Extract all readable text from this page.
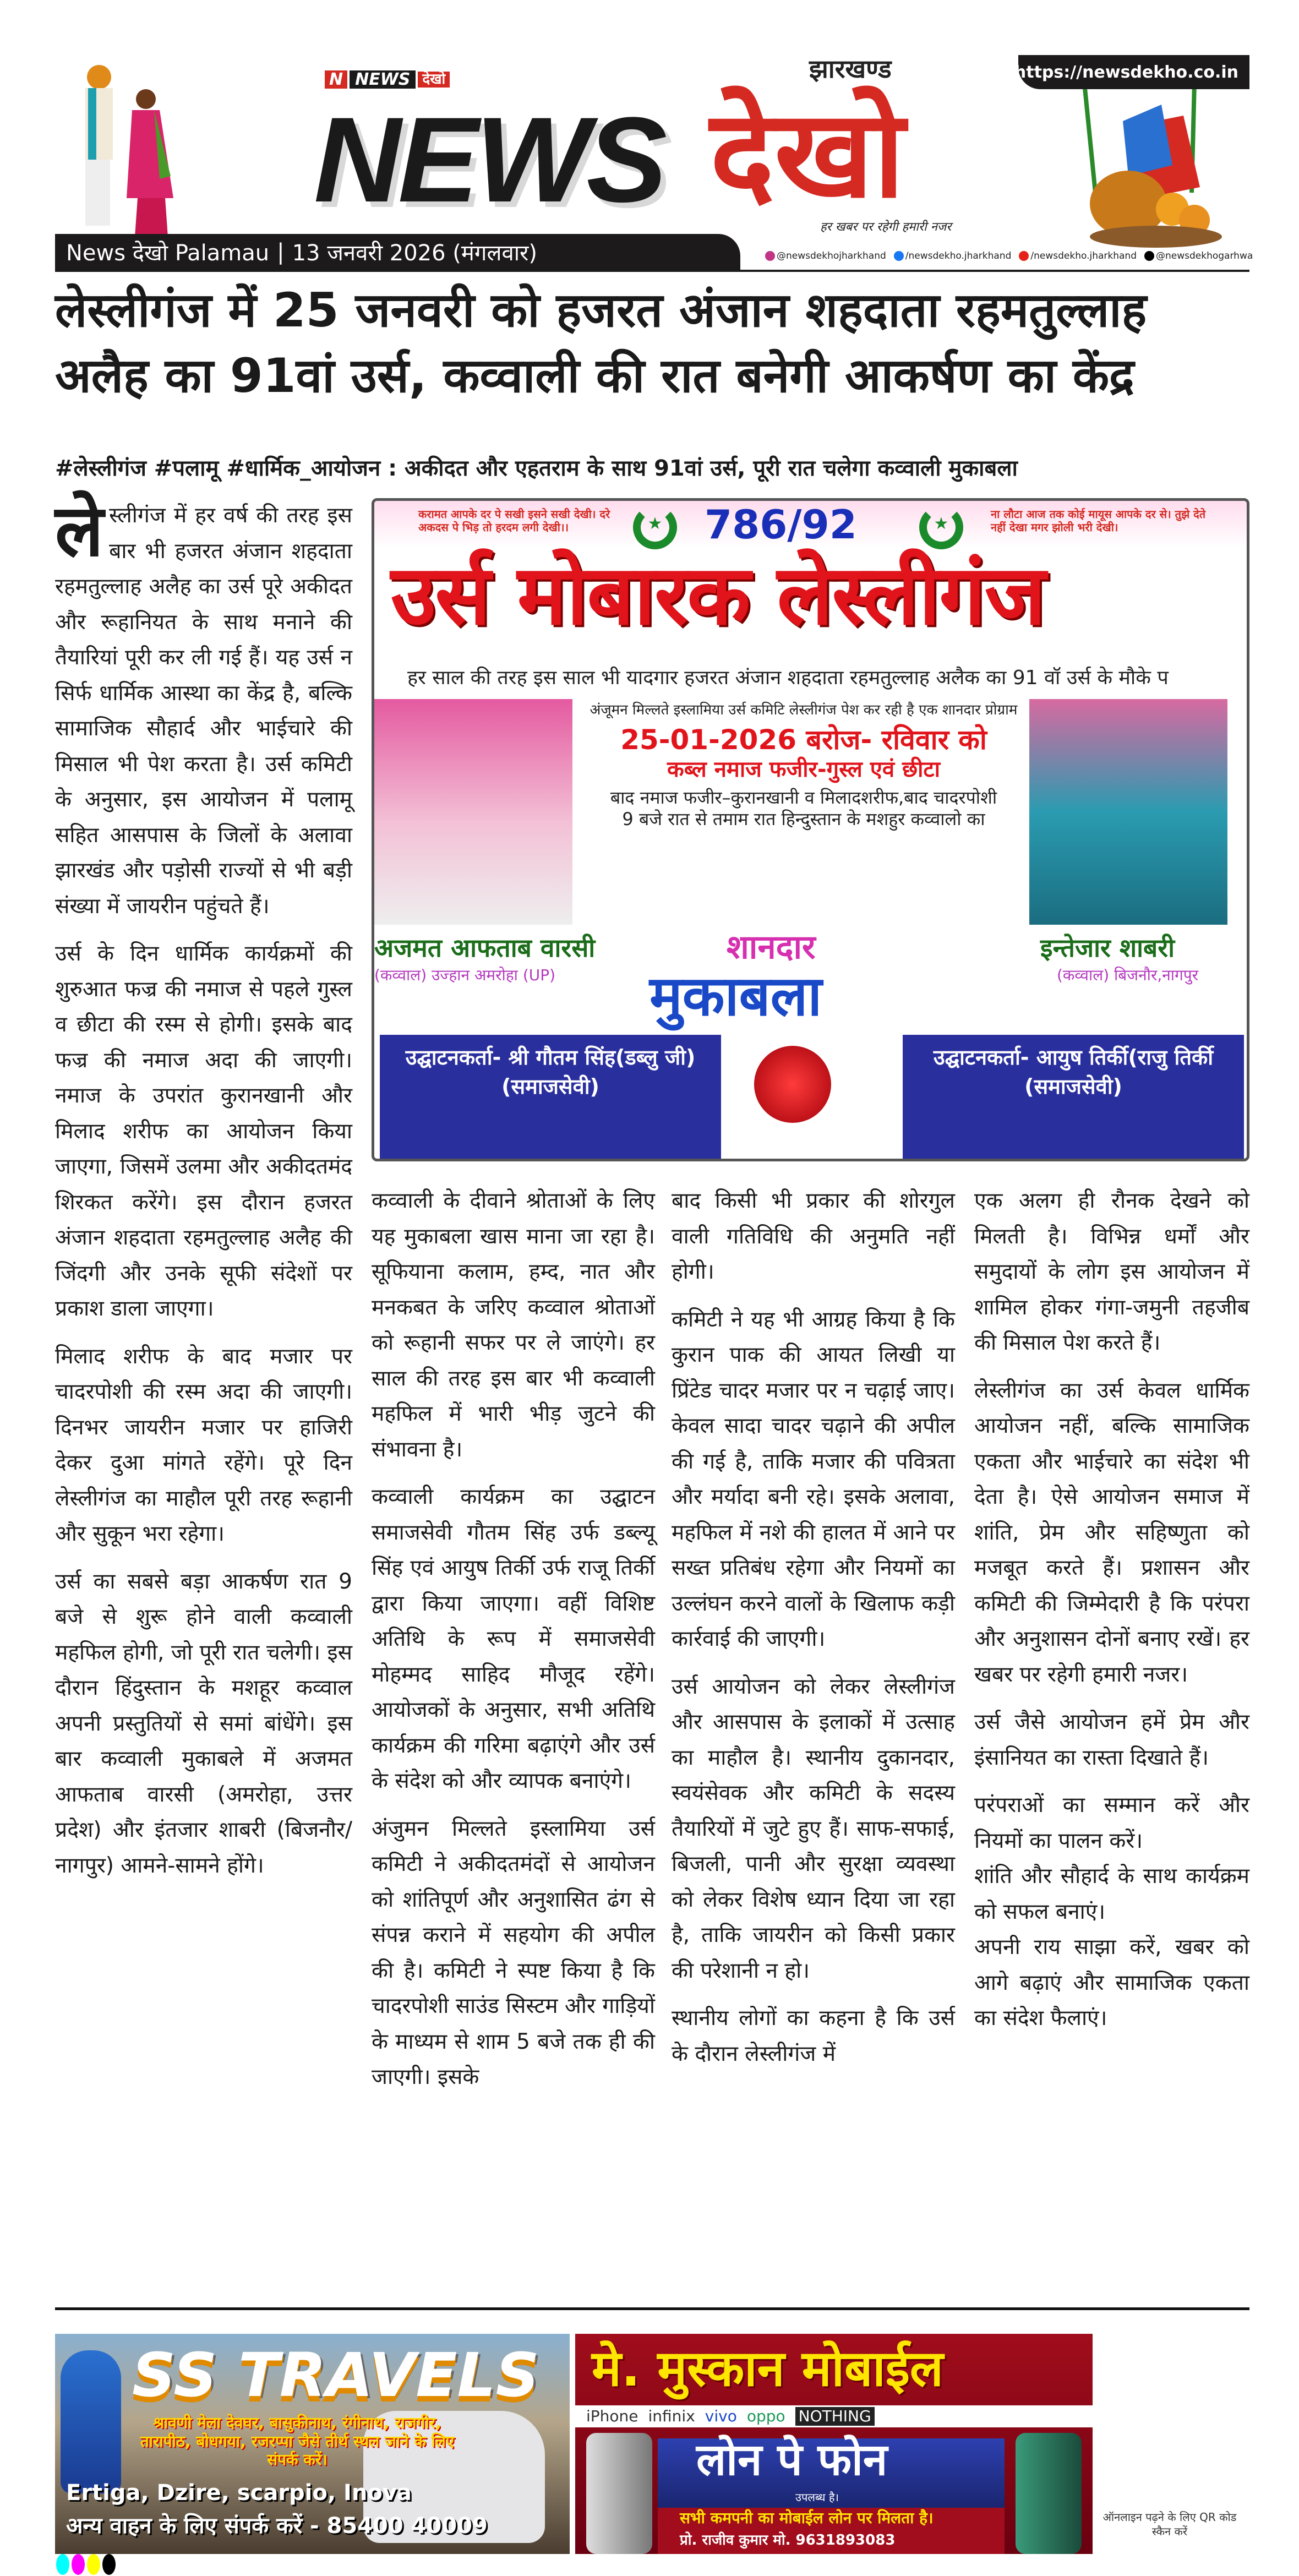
https://newsdekho.co.in
N NEWS देखो
NEWS देखो
झारखण्ड
हर खबर पर रहेगी हमारी नजर
News देखो Palamau | 13 जनवरी 2026 (मंगलवार)	@newsdekhojharkhand	/newsdekho.jharkhand	/newsdekho.jharkhand	@newsdekhogarhwa
लेस्लीगंज में 25 जनवरी को हजरत अंजान शहदाता रहमतुल्लाह अलैह का 91वां उर्स, कव्वाली की रात बनेगी आकर्षण का केंद्र
#लेस्लीगंज #पलामू #धार्मिक_आयोजन : अकीदत और एहतराम के साथ 91वां उर्स, पूरी रात चलेगा कव्वाली मुकाबला

लेस्लीगंज में हर वर्ष की तरह इस बार भी हजरत अंजान शहदाता रहमतुल्लाह अलैह का उर्स पूरे अकीदत और रूहानियत के साथ मनाने की तैयारियां पूरी कर ली गई हैं। यह उर्स न सिर्फ धार्मिक आस्था का केंद्र है, बल्कि सामाजिक सौहार्द और भाईचारे की मिसाल भी पेश करता है। उर्स कमिटी के अनुसार, इस आयोजन में पलामू सहित आसपास के जिलों के अलावा झारखंड और पड़ोसी राज्यों से भी बड़ी संख्या में जायरीन पहुंचते हैं।

उर्स के दिन धार्मिक कार्यक्रमों की शुरुआत फज्र की नमाज से पहले गुस्ल व छीटा की रस्म से होगी। इसके बाद फज्र की नमाज अदा की जाएगी। नमाज के उपरांत कुरानखानी और मिलाद शरीफ का आयोजन किया जाएगा, जिसमें उलमा और अकीदतमंद शिरकत करेंगे। इस दौरान हजरत अंजान शहदाता रहमतुल्लाह अलैह की जिंदगी और उनके सूफी संदेशों पर प्रकाश डाला जाएगा।

मिलाद शरीफ के बाद मजार पर चादरपोशी की रस्म अदा की जाएगी। दिनभर जायरीन मजार पर हाजिरी देकर दुआ मांगते रहेंगे। पूरे दिन लेस्लीगंज का माहौल पूरी तरह रूहानी और सुकून भरा रहेगा।

उर्स का सबसे बड़ा आकर्षण रात 9 बजे से शुरू होने वाली कव्वाली महफिल होगी, जो पूरी रात चलेगी। इस दौरान हिंदुस्तान के मशहूर कव्वाल अपनी प्रस्तुतियों से समां बांधेंगे। इस बार कव्वाली मुकाबले में अजमत आफताब वारसी (अमरोहा, उत्तर प्रदेश) और इंतजार शाबरी (बिजनौर/नागपुर) आमने-सामने होंगे।

करामत आपके दर पे सखी इसने सखी देखी। दरे अकदस पे भिड़ तो हरदम लगी देखी।।	★	786/92	★	ना लौटा आज तक कोई मायूस आपके दर से। तुझे देते नहीं देखा मगर झोली भरी देखी।
उर्स मोबारक लेस्लीगंज
हर साल की तरह इस साल भी यादगार हजरत अंजान शहदाता रहमतुल्लाह अलैक का 91 वॉ उर्स के मौके प
अंजूमन मिल्लते इस्लामिया उर्स कमिटि लेस्लीगंज पेश कर रही है एक शानदार प्रोग्राम
25-01-2026 बरोज- रविवार को
कब्ल नमाज फजीर-गुस्ल एवं छीटा
बाद नमाज फजीर–कुरानखानी व मिलादशरीफ,बाद चादरपोशी
9 बजे रात से तमाम रात हिन्दुस्तान के मशहुर कव्वालो का
शानदार
मुकाबला
अजमत आफताब वारसी
(कव्वाल) उज्हान अमरोहा (UP)
इन्तेजार शाबरी
(कव्वाल) बिजनौर,नागपुर
उद्घाटनकर्ता- श्री गौतम सिंह(डब्लु जी)
(समाजसेवी)
उद्घाटनकर्ता- आयुष तिर्की(राजु तिर्की
(समाजसेवी)

कव्वाली के दीवाने श्रोताओं के लिए यह मुकाबला खास माना जा रहा है। सूफियाना कलाम, हम्द, नात और मनकबत के जरिए कव्वाल श्रोताओं को रूहानी सफर पर ले जाएंगे। हर साल की तरह इस बार भी कव्वाली महफिल में भारी भीड़ जुटने की संभावना है।

कव्वाली कार्यक्रम का उद्घाटन समाजसेवी गौतम सिंह उर्फ डब्ल्यू सिंह एवं आयुष तिर्की उर्फ राजू तिर्की द्वारा किया जाएगा। वहीं विशिष्ट अतिथि के रूप में समाजसेवी मोहम्मद साहिद मौजूद रहेंगे। आयोजकों के अनुसार, सभी अतिथि कार्यक्रम की गरिमा बढ़ाएंगे और उर्स के संदेश को और व्यापक बनाएंगे।

अंजुमन मिल्लते इस्लामिया उर्स कमिटी ने अकीदतमंदों से आयोजन को शांतिपूर्ण और अनुशासित ढंग से संपन्न कराने में सहयोग की अपील की है। कमिटी ने स्पष्ट किया है कि चादरपोशी साउंड सिस्टम और गाड़ियों के माध्यम से शाम 5 बजे तक ही की जाएगी। इसके

बाद किसी भी प्रकार की शोरगुल वाली गतिविधि की अनुमति नहीं होगी।

कमिटी ने यह भी आग्रह किया है कि कुरान पाक की आयत लिखी या प्रिंटेड चादर मजार पर न चढ़ाई जाए। केवल सादा चादर चढ़ाने की अपील की गई है, ताकि मजार की पवित्रता और मर्यादा बनी रहे। इसके अलावा, महफिल में नशे की हालत में आने पर सख्त प्रतिबंध रहेगा और नियमों का उल्लंघन करने वालों के खिलाफ कड़ी कार्रवाई की जाएगी।

उर्स आयोजन को लेकर लेस्लीगंज और आसपास के इलाकों में उत्साह का माहौल है। स्थानीय दुकानदार, स्वयंसेवक और कमिटी के सदस्य तैयारियों में जुटे हुए हैं। साफ-सफाई, बिजली, पानी और सुरक्षा व्यवस्था को लेकर विशेष ध्यान दिया जा रहा है, ताकि जायरीन को किसी प्रकार की परेशानी न हो।

स्थानीय लोगों का कहना है कि उर्स के दौरान लेस्लीगंज में

एक अलग ही रौनक देखने को मिलती है। विभिन्न धर्मों और समुदायों के लोग इस आयोजन में शामिल होकर गंगा-जमुनी तहजीब की मिसाल पेश करते हैं।

लेस्लीगंज का उर्स केवल धार्मिक आयोजन नहीं, बल्कि सामाजिक एकता और भाईचारे का संदेश भी देता है। ऐसे आयोजन समाज में शांति, प्रेम और सहिष्णुता को मजबूत करते हैं। प्रशासन और कमिटी की जिम्मेदारी है कि परंपरा और अनुशासन दोनों बनाए रखें। हर खबर पर रहेगी हमारी नजर।

उर्स जैसे आयोजन हमें प्रेम और इंसानियत का रास्ता दिखाते हैं।

परंपराओं का सम्मान करें और नियमों का पालन करें।

शांति और सौहार्द के साथ कार्यक्रम को सफल बनाएं।

अपनी राय साझा करें, खबर को आगे बढ़ाएं और सामाजिक एकता का संदेश फैलाएं।

SS TRAVELS
श्रावणी मेला देवघर, बासुकीनाथ, रंगीनाथ, राजगीर, तारापीठ, बोधगया, रजरप्पा जैसे तीर्थ स्थल जाने के लिए संपर्क करें।
Ertiga, Dzire, scarpio, Inova
अन्य वाहन के लिए संपर्क करें - 85400 40009
मे. मुस्कान मोबाईल
iPhone infinix vivo oppo NOTHING
लोन पे फोन
उपलब्ध है।
सभी कमपनी का मोबाईल लोन पर मिलता है।
प्रो. राजीव कुमार मो. 9631893083
ऑनलाइन पढ़ने के लिए QR कोड स्कैन करें
